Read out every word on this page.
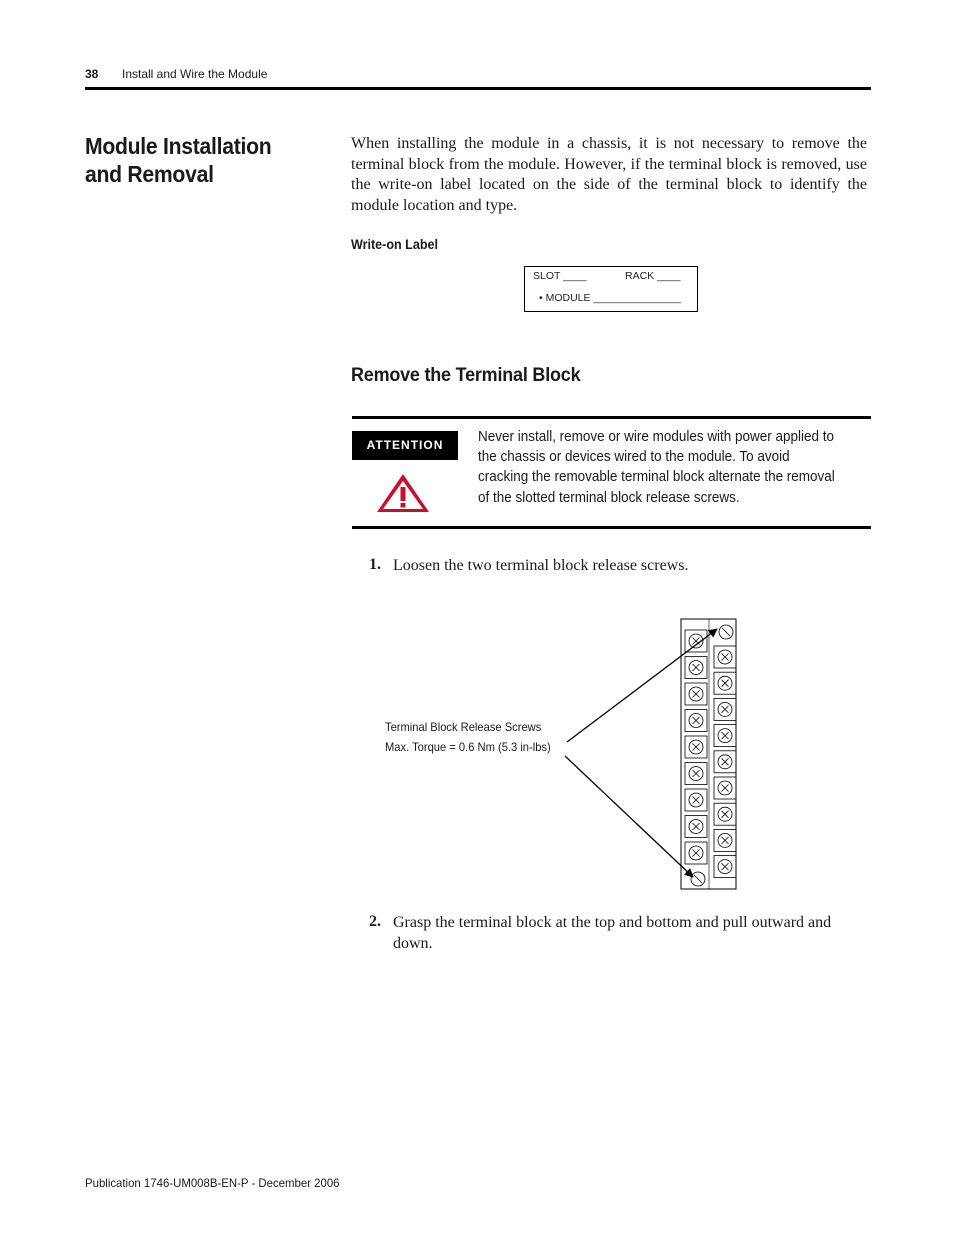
38 Install and Wire the Module
Module Installation and Removal
When installing the module in a chassis, it is not necessary to remove the terminal block from the module. However, if the terminal block is removed, use the write-on label located on the side of the terminal block to identify the module location and type.
Write-on Label
SLOT ____	RACK ____
• MODULE _______________
Remove the Terminal Block
ATTENTION	Never install, remove or wire modules with power applied to the chassis or devices wired to the module. To avoid cracking the removable terminal block alternate the removal of the slotted terminal block release screws.
1. Loosen the two terminal block release screws.
Terminal Block Release Screws
Max. Torque = 0.6 Nm (5.3 in-lbs)
2. Grasp the terminal block at the top and bottom and pull outward and down.
Publication 1746-UM008B-EN-P - December 2006
